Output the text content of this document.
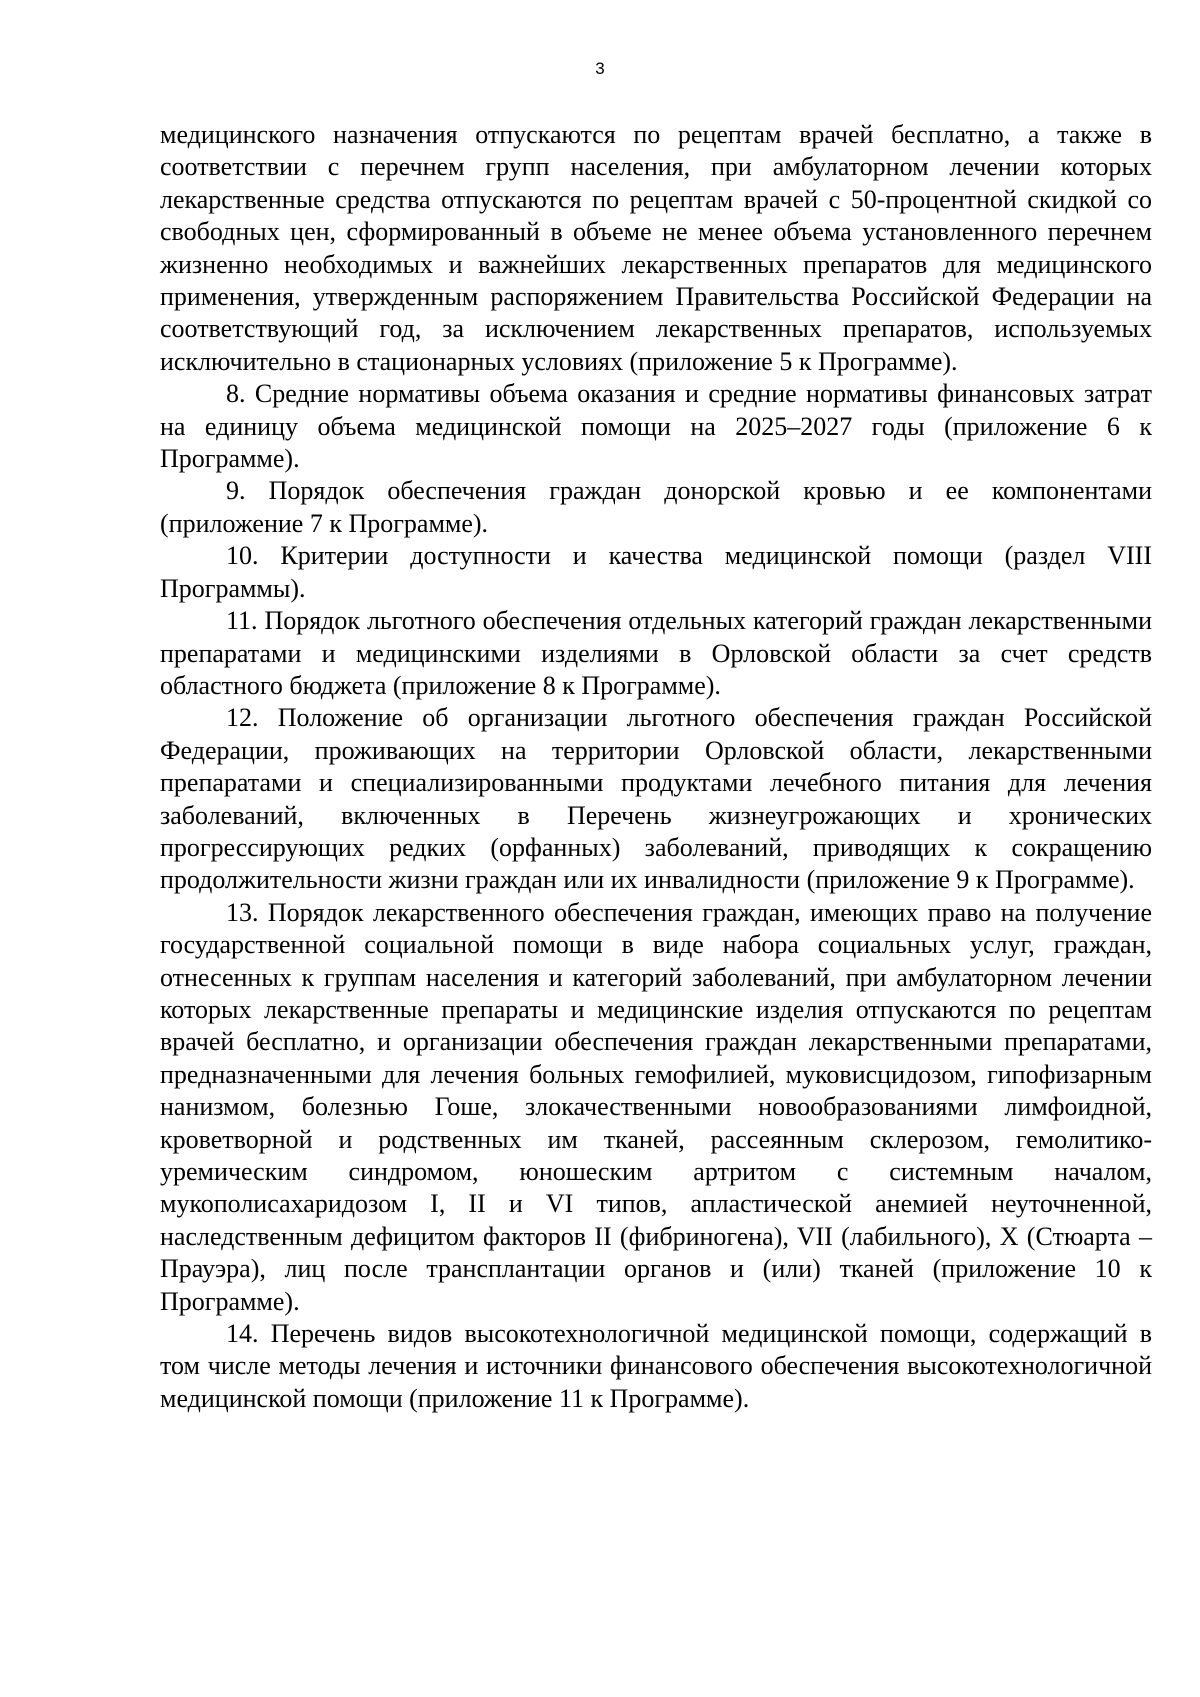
3

медицинского назначения отпускаются по рецептам врачей бесплатно, а также в соответствии с перечнем групп населения, при амбулаторном лечении которых лекарственные средства отпускаются по рецептам врачей с 50-процентной скидкой со свободных цен, сформированный в объеме не менее объема установленного перечнем жизненно необходимых и важнейших лекарственных препаратов для медицинского применения, утвержденным распоряжением Правительства Российской Федерации на соответствующий год, за исключением лекарственных препаратов, используемых исключительно в стационарных условиях (приложение 5 к Программе).

8. Средние нормативы объема оказания и средние нормативы финансовых затрат на единицу объема медицинской помощи на 2025–2027 годы (приложение 6 к Программе).

9. Порядок обеспечения граждан донорской кровью и ее компонентами (приложение 7 к Программе).

10. Критерии доступности и качества медицинской помощи (раздел VIII Программы).

11. Порядок льготного обеспечения отдельных категорий граждан лекарственными препаратами и медицинскими изделиями в Орловской области за счет средств областного бюджета (приложение 8 к Программе).

12. Положение об организации льготного обеспечения граждан Российской Федерации, проживающих на территории Орловской области, лекарственными препаратами и специализированными продуктами лечебного питания для лечения заболеваний, включенных в Перечень жизнеугрожающих и хронических прогрессирующих редких (орфанных) заболеваний, приводящих к сокращению продолжительности жизни граждан или их инвалидности (приложение 9 к Программе).

13. Порядок лекарственного обеспечения граждан, имеющих право на получение государственной социальной помощи в виде набора социальных услуг, граждан, отнесенных к группам населения и категорий заболеваний, при амбулаторном лечении которых лекарственные препараты и медицинские изделия отпускаются по рецептам врачей бесплатно, и организации обеспечения граждан лекарственными препаратами, предназначенными для лечения больных гемофилией, муковисцидозом, гипофизарным нанизмом, болезнью Гоше, злокачественными новообразованиями лимфоидной, кроветворной и родственных им тканей, рассеянным склерозом, гемолитико-уремическим синдромом, юношеским артритом с системным началом, мукополисахаридозом I, II и VI типов, апластической анемией неуточненной, наследственным дефицитом факторов II (фибриногена), VII (лабильного), X (Стюарта – Прауэра), лиц после трансплантации органов и (или) тканей (приложение 10 к Программе).

14. Перечень видов высокотехнологичной медицинской помощи, содержащий в том числе методы лечения и источники финансового обеспечения высокотехнологичной медицинской помощи (приложение 11 к Программе).
